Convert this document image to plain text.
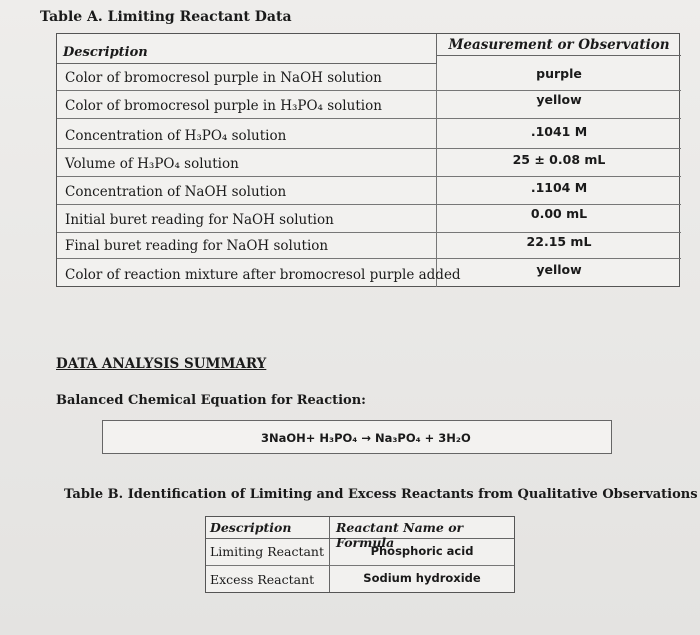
Table A. Limiting Reactant Data
Description	Measurement or Observation
Color of bromocresol purple in NaOH solution	purple
Color of bromocresol purple in H₃PO₄ solution	yellow
Concentration of H₃PO₄ solution	.1041 M
Volume of H₃PO₄ solution	25 ± 0.08 mL
Concentration of NaOH solution	.1104 M
Initial buret reading for NaOH solution	0.00 mL
Final buret reading for NaOH solution	22.15 mL
Color of reaction mixture after bromocresol purple added	yellow
DATA ANALYSIS SUMMARY
Balanced Chemical Equation for Reaction:
3NaOH+ H₃PO₄ → Na₃PO₄ + 3H₂O
Table B. Identification of Limiting and Excess Reactants from Qualitative Observations
Description	Reactant Name or Formula
Limiting Reactant	Phosphoric acid
Excess Reactant	Sodium hydroxide
